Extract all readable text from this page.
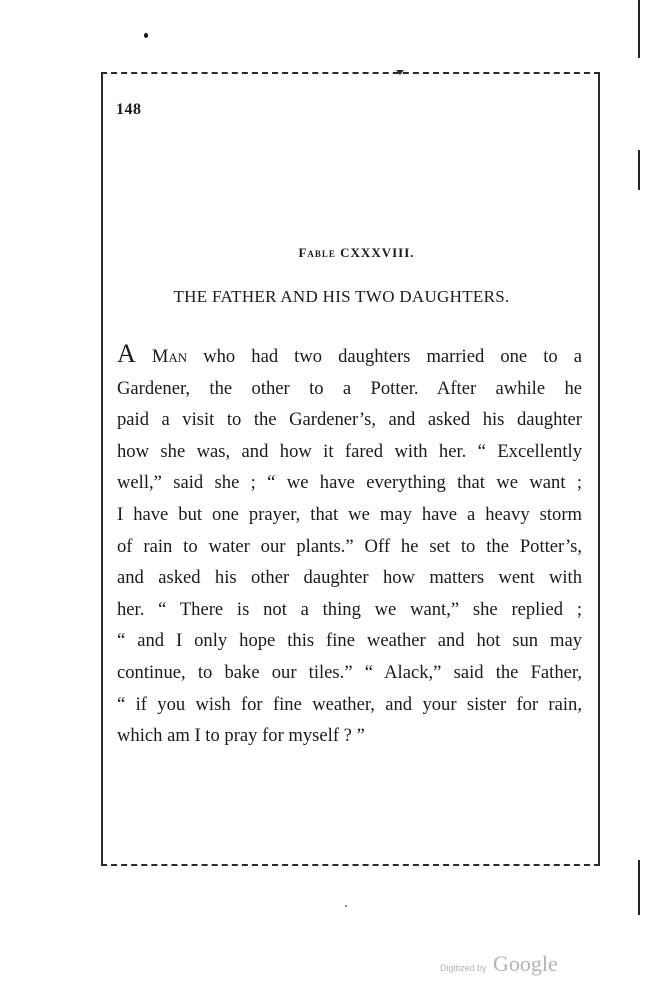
148
Fable CXXXVIII.
THE FATHER AND HIS TWO DAUGHTERS.
A Man who had two daughters married one to a
Gardener, the other to a Potter. After awhile he
paid a visit to the Gardener’s, and asked his daughter
how she was, and how it fared with her. “ Excellently
well,” said she ; “ we have everything that we want ;
I have but one prayer, that we may have a heavy storm
of rain to water our plants.” Off he set to the Potter’s,
and asked his other daughter how matters went with
her. “ There is not a thing we want,” she replied ;
“ and I only hope this fine weather and hot sun may
continue, to bake our tiles.” “ Alack,” said the Father,
“ if you wish for fine weather, and your sister for rain,
which am I to pray for myself ? ”
Digitized by Google
